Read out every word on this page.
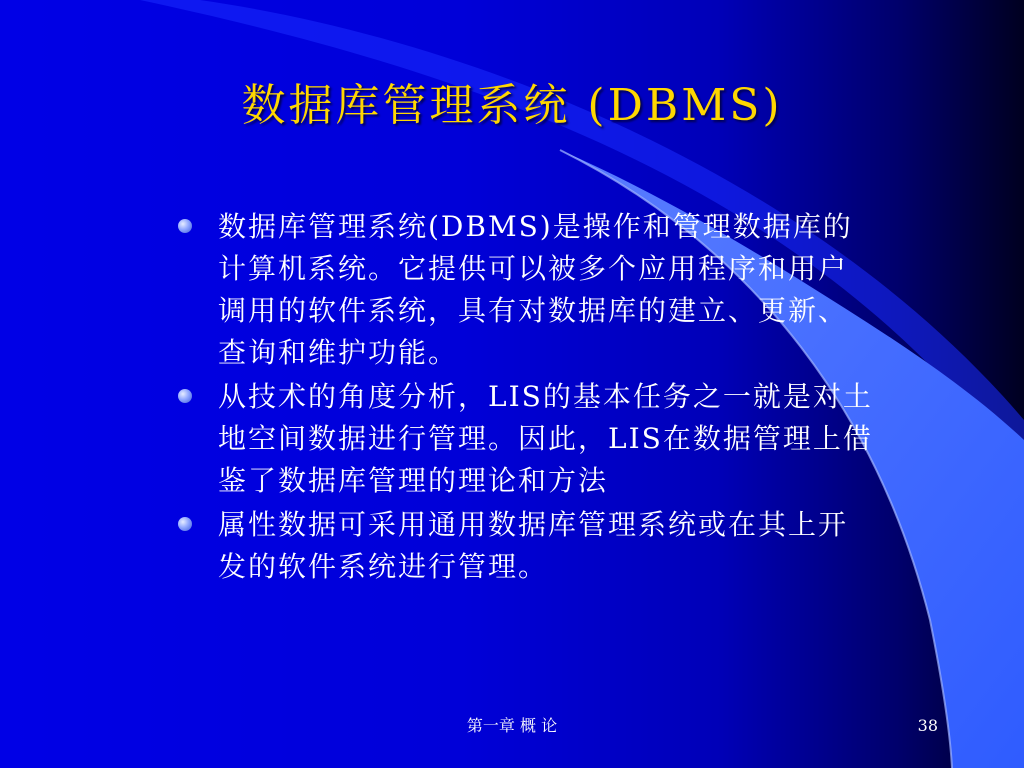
数据库管理系统 (DBMS)
数据库管理系统(DBMS)是操作和管理数据库的计算机系统。它提供可以被多个应用程序和用户调用的软件系统，具有对数据库的建立、更新、查询和维护功能。
从技术的角度分析，LIS的基本任务之一就是对土地空间数据进行管理。因此，LIS在数据管理上借鉴了数据库管理的理论和方法
属性数据可采用通用数据库管理系统或在其上开发的软件系统进行管理。
第一章 概 论	38
